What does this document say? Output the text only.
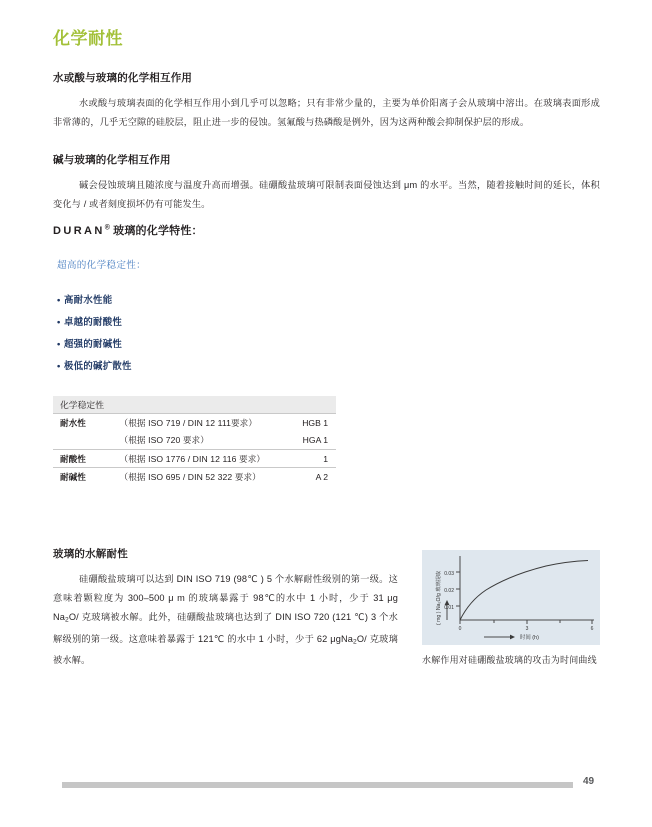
化学耐性
水或酸与玻璃的化学相互作用
水或酸与玻璃表面的化学相互作用小到几乎可以忽略；只有非常少量的，主要为单价阳离子会从玻璃中溶出。在玻璃表面形成非常薄的，几乎无空隙的硅胶层，阻止进一步的侵蚀。氢氟酸与热磷酸是例外，因为这两种酸会抑制保护层的形成。
碱与玻璃的化学相互作用
碱会侵蚀玻璃且随浓度与温度升高而增强。硅硼酸盐玻璃可限制表面侵蚀达到 μm 的水平。当然，随着接触时间的延长，体积变化与 / 或者刻度损坏仍有可能发生。
DURAN® 玻璃的化学特性：
超高的化学稳定性：
• 高耐水性能
• 卓越的耐酸性
• 超强的耐碱性
• 极低的碱扩散性
化学稳定性		
耐水性	（根据 ISO 719 / DIN 12 111要求）	HGB 1
	（根据 ISO 720 要求）	HGA 1
耐酸性	（根据 ISO 1776 / DIN 12 116 要求）	1
耐碱性	（根据 ISO 695 / DIN 52 322 要求）	A 2
玻璃的水解耐性
硅硼酸盐玻璃可以达到 DIN ISO 719 (98℃ ) 5 个水解耐性级别的第一级。这意味着颗粒度为 300–500 μ m 的玻璃暴露于 98℃的水中 1 小时，少于 31 μg $Na_2O/$ 克玻璃被水解。此外，硅硼酸盐玻璃也达到了 DIN ISO 720 (121 ℃) 3 个水解级别的第一级。这意味着暴露于 121℃ 的水中 1 小时，少于 62 μgNa$_2$O/ 克玻璃被水解。
0.01
0.02
0.03
0	3	6
时间 (h)
( mg ) Na₂O/g 玻璃提取
水解作用对硅硼酸盐玻璃的攻击为时间曲线
49
